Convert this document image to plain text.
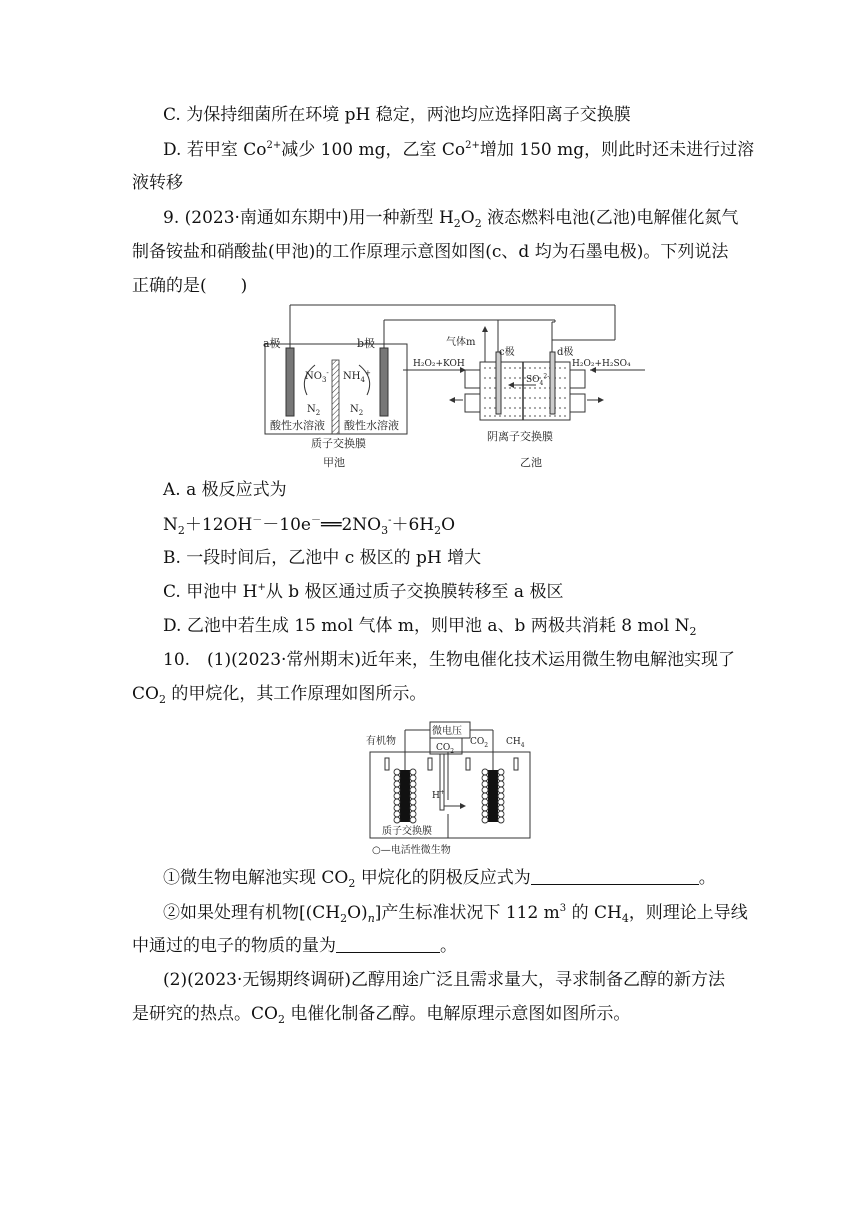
C. 为保持细菌所在环境 pH 稳定，两池均应选择阳离子交换膜
D. 若甲室 $Co^{2+}$减少 100 mg，乙室 $Co^{2+}$增加 150 mg，则此时还未进行过溶
液转移
9. (2023·南通如东期中)用一种新型 $H_2O_2$ 液态燃料电池(乙池)电解催化氮气
制备铵盐和硝酸盐(甲池)的工作原理示意图如图(c、d 均为石墨电极)。下列说法
正确的是(　　)
a极	b极
$NO_3^-$ $NH_4^+$
$N_2$	$N_2$
酸性水溶液 酸性水溶液
质子交换膜
甲池
气体m
c极	d极
H₂O₂+KOH	H₂O₂+H₂SO₄
$SO_4^{2-}$
阴离子交换膜
乙池
A. a 极反应式为
$N_2+12OH^--10e^-══2NO_3^-+6H_2O$
B. 一段时间后，乙池中 c 极区的 pH 增大
C. 甲池中 H+从 b 极区通过质子交换膜转移至 a 极区
D. 乙池中若生成 15 mol 气体 m，则甲池 a、b 两极共消耗 8 mol $N_2$
10.　(1)(2023·常州期末)近年来，生物电催化技术运用微生物电解池实现了
$CO_2$ 的甲烷化，其工作原理如图所示。
微电压
有机物
$CO_2$
$CO_2$ $CH_4$
H+
质子交换膜
○—电活性微生物
①微生物电解池实现 $CO_2$ 甲烷化的阴极反应式为	。
②如果处理有机物$[(CH_2O)_n]$产生标准状况下 112 $m^3$ 的 $CH_4$，则理论上导线
中通过的电子的物质的量为	。
(2)(2023·无锡期终调研)乙醇用途广泛且需求量大，寻求制备乙醇的新方法
是研究的热点。$CO_2$ 电催化制备乙醇。电解原理示意图如图所示。
